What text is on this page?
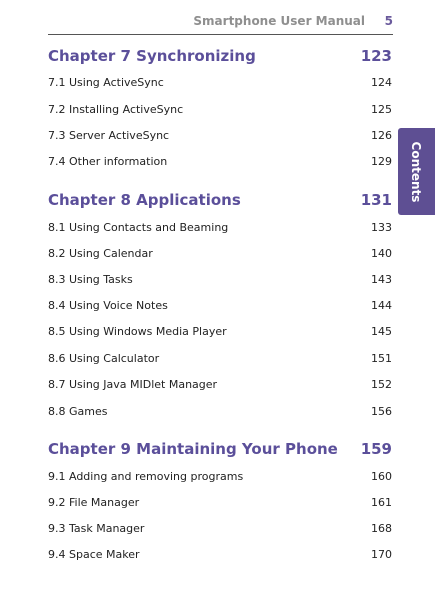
Smartphone User Manual 5
Contents
Chapter 7 Synchronizing	123
7.1 Using ActiveSync	124
7.2 Installing ActiveSync	125
7.3 Server ActiveSync	126
7.4 Other information	129
Chapter 8 Applications	131
8.1 Using Contacts and Beaming	133
8.2 Using Calendar	140
8.3 Using Tasks	143
8.4 Using Voice Notes	144
8.5 Using Windows Media Player	145
8.6 Using Calculator	151
8.7 Using Java MIDlet Manager	152
8.8 Games	156
Chapter 9 Maintaining Your Phone 159
9.1 Adding and removing programs	160
9.2 File Manager	161
9.3 Task Manager	168
9.4 Space Maker	170
